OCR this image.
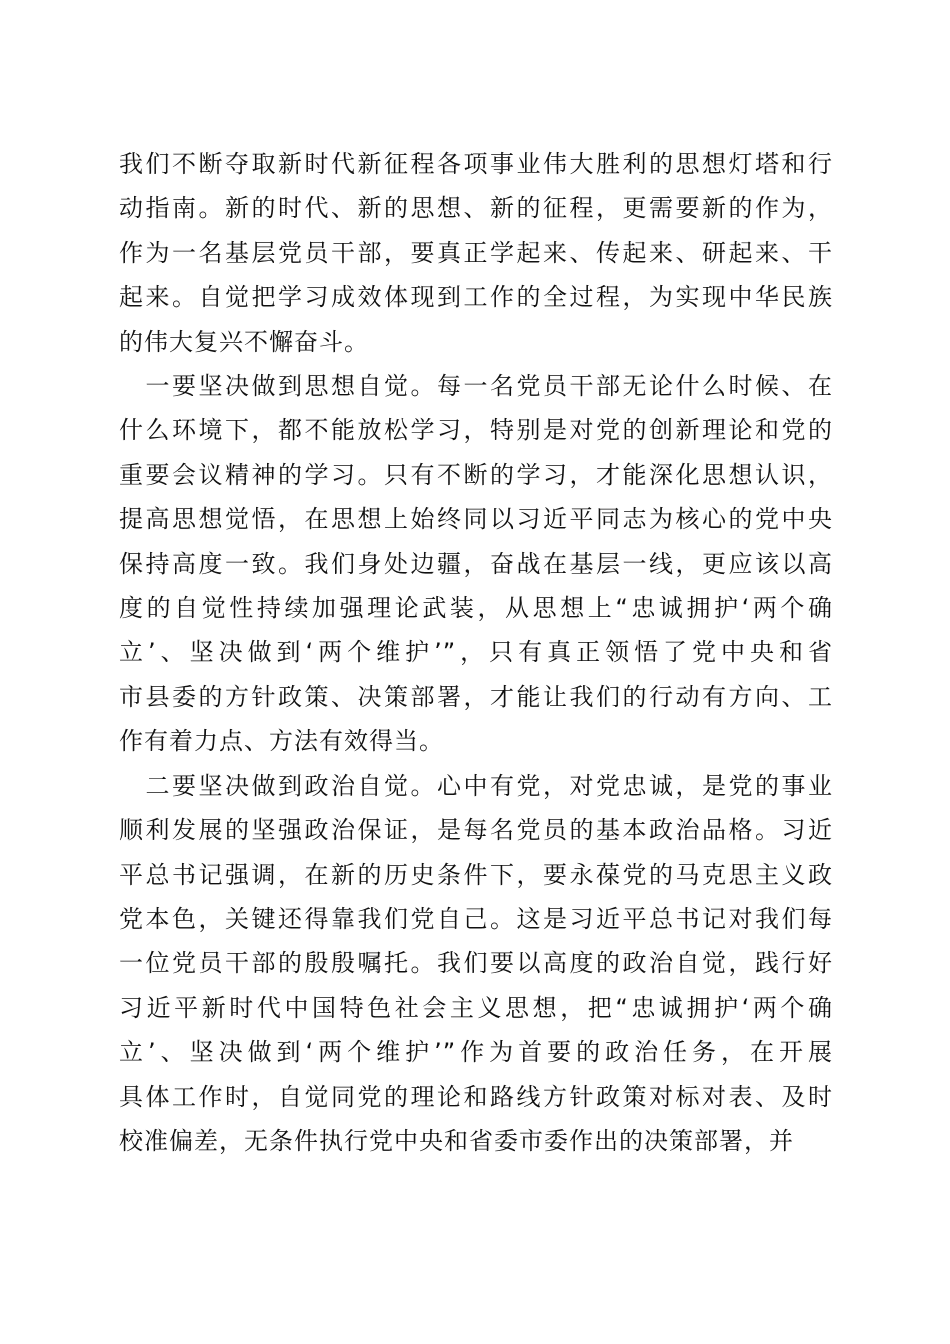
我们不断夺取新时代新征程各项事业伟大胜利的思想灯塔和行
动指南。新的时代、新的思想、新的征程，更需要新的作为，
作为一名基层党员干部，要真正学起来、传起来、研起来、干
起来。自觉把学习成效体现到工作的全过程，为实现中华民族
的伟大复兴不懈奋斗。

　一要坚决做到思想自觉。每一名党员干部无论什么时候、在
什么环境下，都不能放松学习，特别是对党的创新理论和党的
重要会议精神的学习。只有不断的学习，才能深化思想认识，
提高思想觉悟，在思想上始终同以习近平同志为核心的党中央
保持高度一致。我们身处边疆，奋战在基层一线，更应该以高
度的自觉性持续加强理论武装，从思想上“忠诚拥护‘两个确
立’、坚决做到‘两个维护’”，只有真正领悟了党中央和省
市县委的方针政策、决策部署，才能让我们的行动有方向、工
作有着力点、方法有效得当。

　二要坚决做到政治自觉。心中有党，对党忠诚，是党的事业
顺利发展的坚强政治保证，是每名党员的基本政治品格。习近
平总书记强调，在新的历史条件下，要永葆党的马克思主义政
党本色，关键还得靠我们党自己。这是习近平总书记对我们每
一位党员干部的殷殷嘱托。我们要以高度的政治自觉，践行好
习近平新时代中国特色社会主义思想，把“忠诚拥护‘两个确
立’、坚决做到‘两个维护’”作为首要的政治任务，在开展
具体工作时，自觉同党的理论和路线方针政策对标对表、及时
校准偏差，无条件执行党中央和省委市委作出的决策部署，并
